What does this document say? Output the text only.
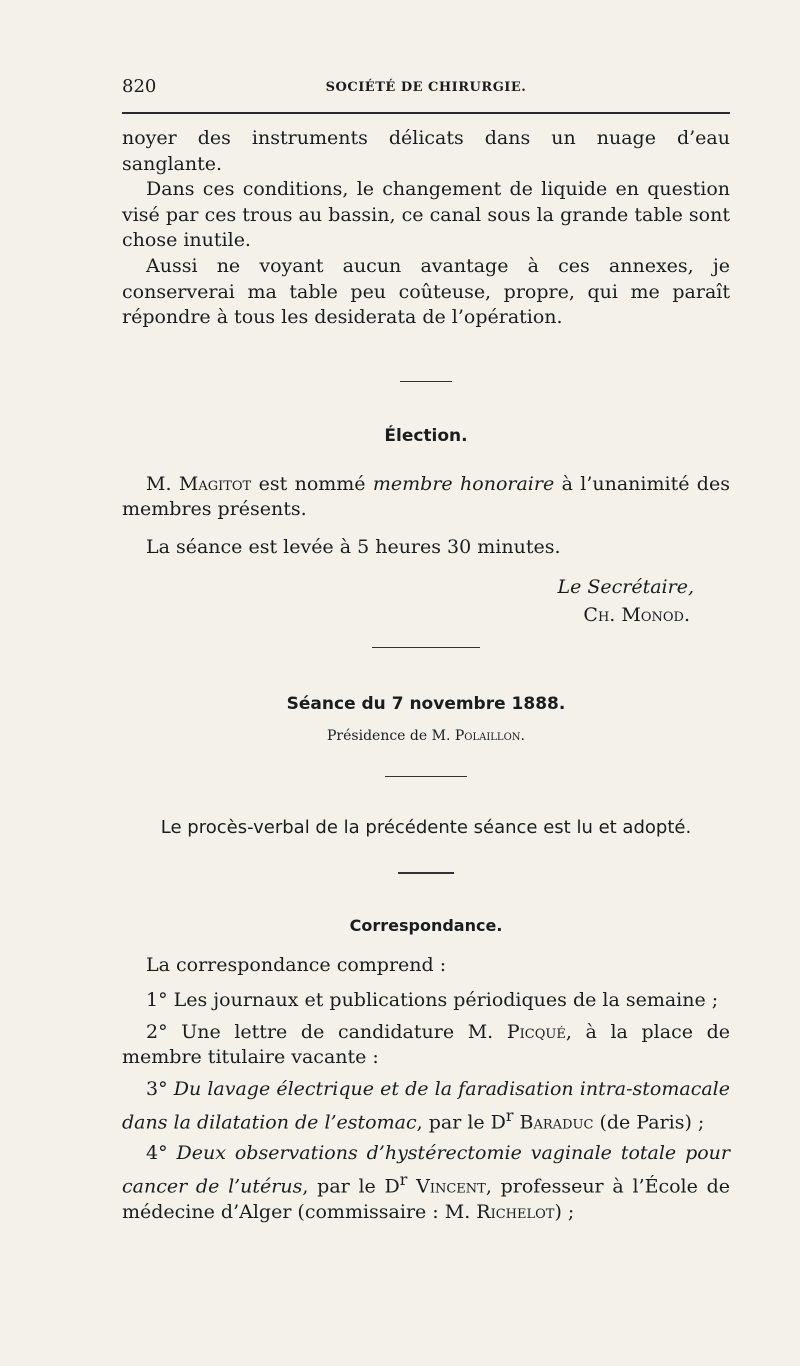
820	SOCIÉTÉ DE CHIRURGIE.

noyer des instruments délicats dans un nuage d’eau sanglante.

Dans ces conditions, le changement de liquide en question visé par ces trous au bassin, ce canal sous la grande table sont chose inutile.

Aussi ne voyant aucun avantage à ces annexes, je conserverai ma table peu coûteuse, propre, qui me paraît répondre à tous les desiderata de l’opération.

Élection.

M. Magitot est nommé membre honoraire à l’unanimité des membres présents.

La séance est levée à 5 heures 30 minutes.

Le Secrétaire,
Ch. Monod.
Séance du 7 novembre 1888.
Présidence de M. Polaillon.
Le procès-verbal de la précédente séance est lu et adopté.
Correspondance.

La correspondance comprend :

1° Les journaux et publications périodiques de la semaine ;

2° Une lettre de candidature M. Picqué, à la place de membre titulaire vacante :

3° Du lavage électrique et de la faradisation intra-stomacale dans la dilatation de l’estomac, par le $D^r$ Baraduc (de Paris) ;

4° Deux observations d’hystérectomie vaginale totale pour cancer de l’utérus, par le $D^r$ Vincent, professeur à l’École de médecine d’Alger (commissaire : M. Richelot) ;
